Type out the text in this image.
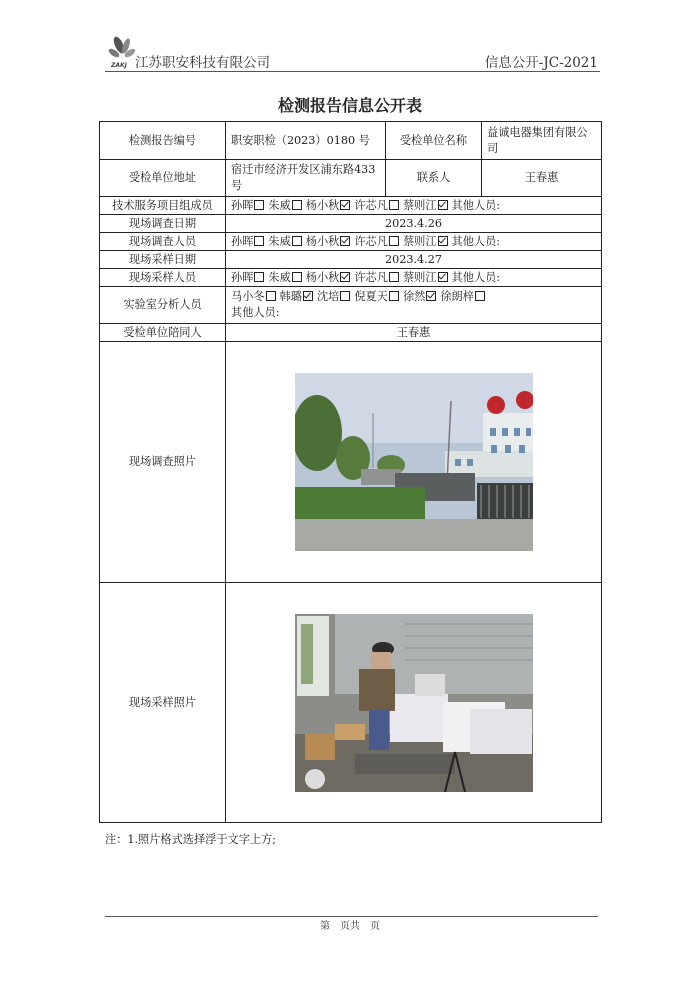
ZAKJ 江苏职安科技有限公司	信息公开-JC-2021
检测报告信息公开表
检测报告编号	职安职检（2023）0180 号	受检单位名称	益诚电器集团有限公司
受检单位地址	宿迁市经济开发区浦东路433 号	联系人	王春惠
技术服务项目组成员	孙晖 朱威 杨小秋 许芯凡 蔡则江 其他人员:		
现场调查日期	2023.4.26		
现场调查人员	孙晖 朱威 杨小秋 许芯凡 蔡则江 其他人员:		
现场采样日期	2023.4.27		
现场采样人员	孙晖 朱威 杨小秋 许芯凡 蔡则江 其他人员:		
实验室分析人员	马小冬 韩璐 沈培 倪夏天 徐然 徐朗梓
其他人员:		
受检单位陪同人	王春惠		
现场调查照片	

现场采样照片	
注：1.照片格式选择浮于文字上方;
第　页共　页
